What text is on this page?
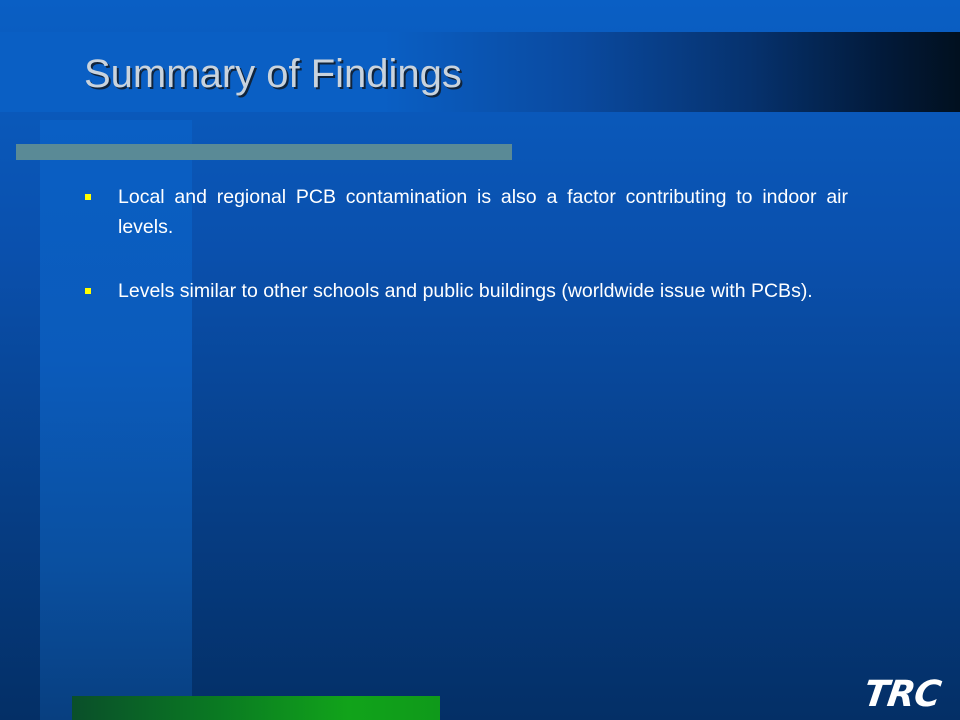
Summary of Findings
Local and regional PCB contamination is also a factor contributing to indoor air levels.
Levels similar to other schools and public buildings (worldwide issue with PCBs).
TRC
